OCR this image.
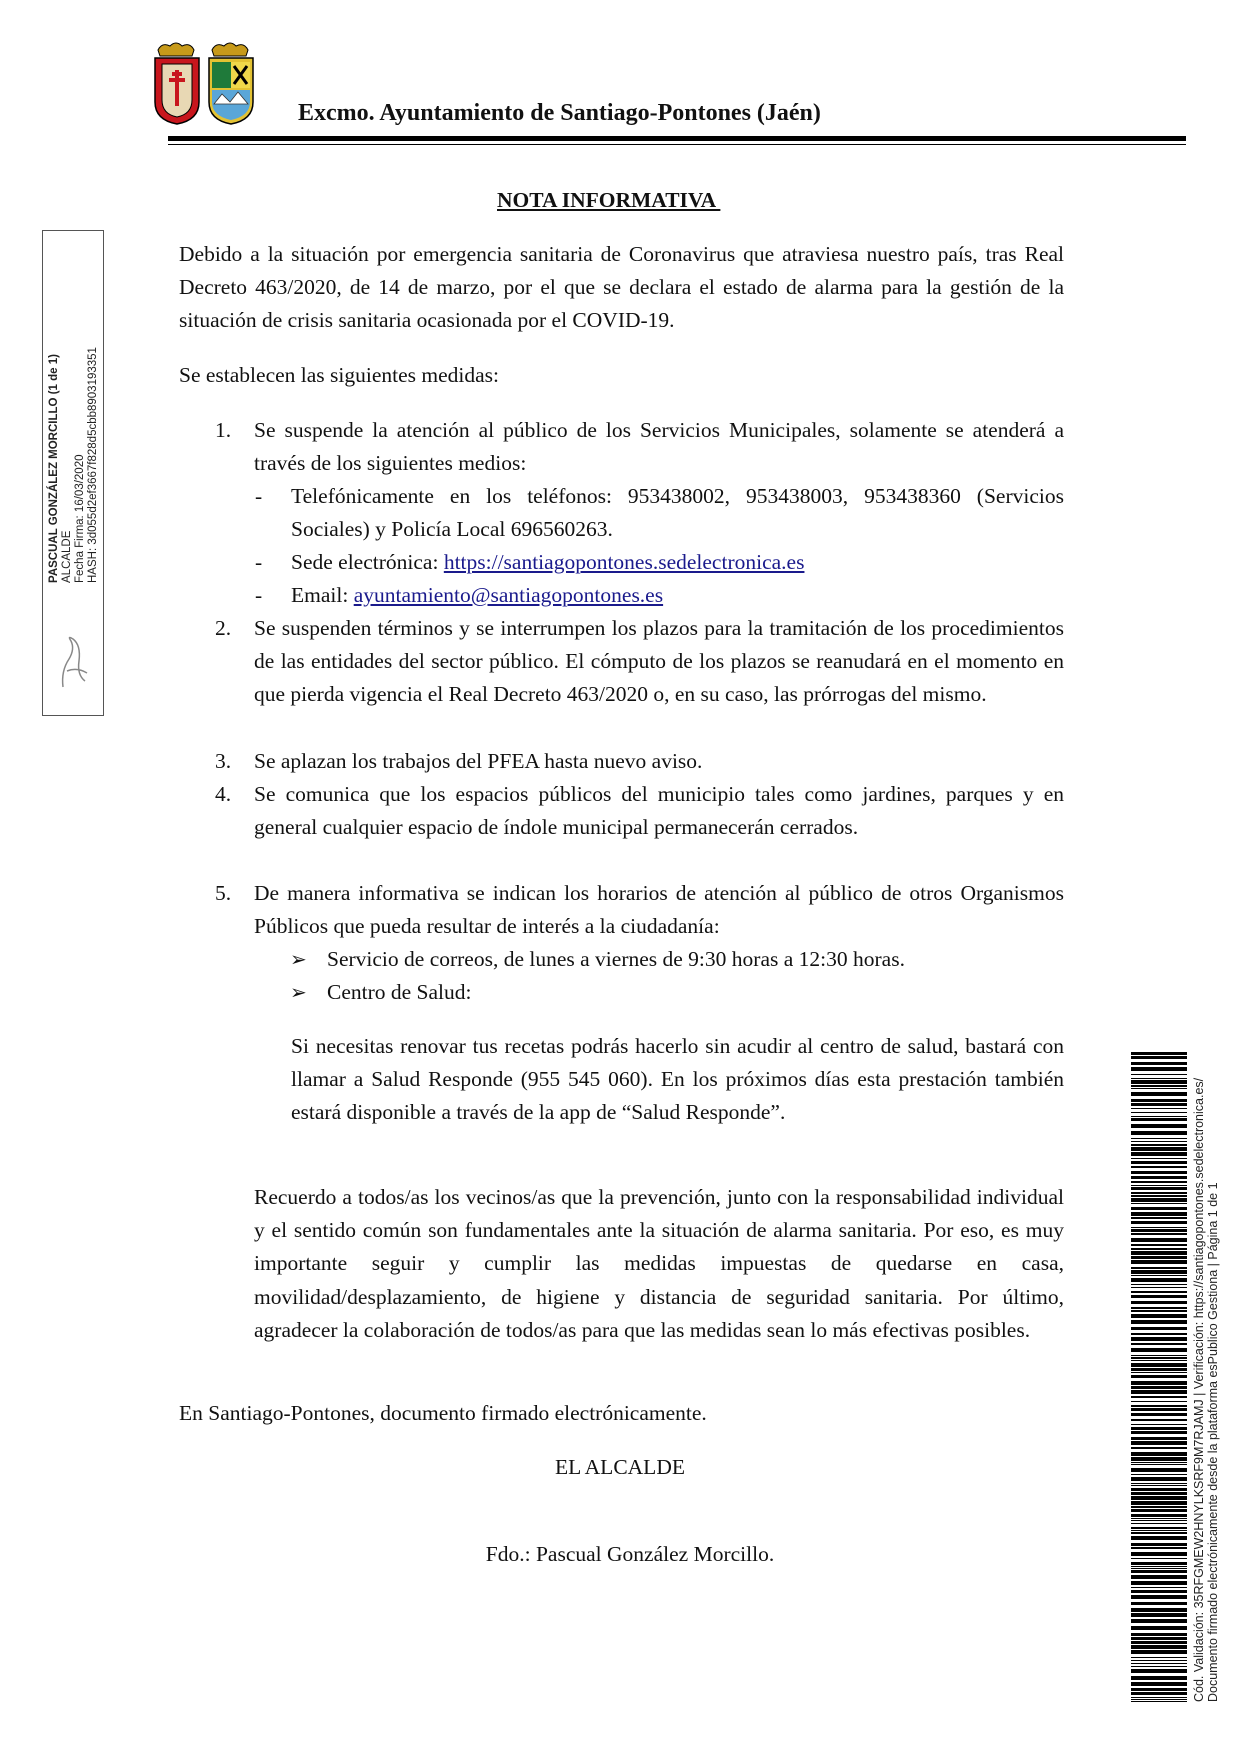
Excmo. Ayuntamiento de Santiago-Pontones (Jaén)
NOTA INFORMATIVA
Debido a la situación por emergencia sanitaria de Coronavirus que atraviesa nuestro país, tras Real Decreto 463/2020, de 14 de marzo, por el que se declara el estado de alarma para la gestión de la situación de crisis sanitaria ocasionada por el COVID-19.
Se establecen las siguientes medidas:
1. Se suspende la atención al público de los Servicios Municipales, solamente se atenderá a través de los siguientes medios:
- Telefónicamente en los teléfonos: 953438002, 953438003, 953438360 (Servicios Sociales) y Policía Local 696560263.
- Sede electrónica: https://santiagopontones.sedelectronica.es
- Email: ayuntamiento@santiagopontones.es
2. Se suspenden términos y se interrumpen los plazos para la tramitación de los procedimientos de las entidades del sector público. El cómputo de los plazos se reanudará en el momento en que pierda vigencia el Real Decreto 463/2020 o, en su caso, las prórrogas del mismo.
3. Se aplazan los trabajos del PFEA hasta nuevo aviso.
4. Se comunica que los espacios públicos del municipio tales como jardines, parques y en general cualquier espacio de índole municipal permanecerán cerrados.
5. De manera informativa se indican los horarios de atención al público de otros Organismos Públicos que pueda resultar de interés a la ciudadanía:
➢ Servicio de correos, de lunes a viernes de 9:30 horas a 12:30 horas.
➢ Centro de Salud:
Si necesitas renovar tus recetas podrás hacerlo sin acudir al centro de salud, bastará con llamar a Salud Responde (955 545 060). En los próximos días esta prestación también estará disponible a través de la app de “Salud Responde”.
Recuerdo a todos/as los vecinos/as que la prevención, junto con la responsabilidad individual y el sentido común son fundamentales ante la situación de alarma sanitaria. Por eso, es muy importante seguir y cumplir las medidas impuestas de quedarse en casa, movilidad/desplazamiento, de higiene y distancia de seguridad sanitaria. Por último, agradecer la colaboración de todos/as para que las medidas sean lo más efectivas posibles.
En Santiago-Pontones, documento firmado electrónicamente.
EL ALCALDE
Fdo.: Pascual González Morcillo.
PASCUAL GONZÁLEZ MORCILLO (1 de 1) ALCALDE Fecha Firma: 16/03/2020 HASH: 3d055d2ef3667f828d5cbb8903193351
Cód. Validación: 35RFGMEW2HNYLKSRF9M7RJAMJ | Verificación: https://santiagopontones.sedelectronica.es/ Documento firmado electrónicamente desde la plataforma esPublico Gestiona | Página 1 de 1
